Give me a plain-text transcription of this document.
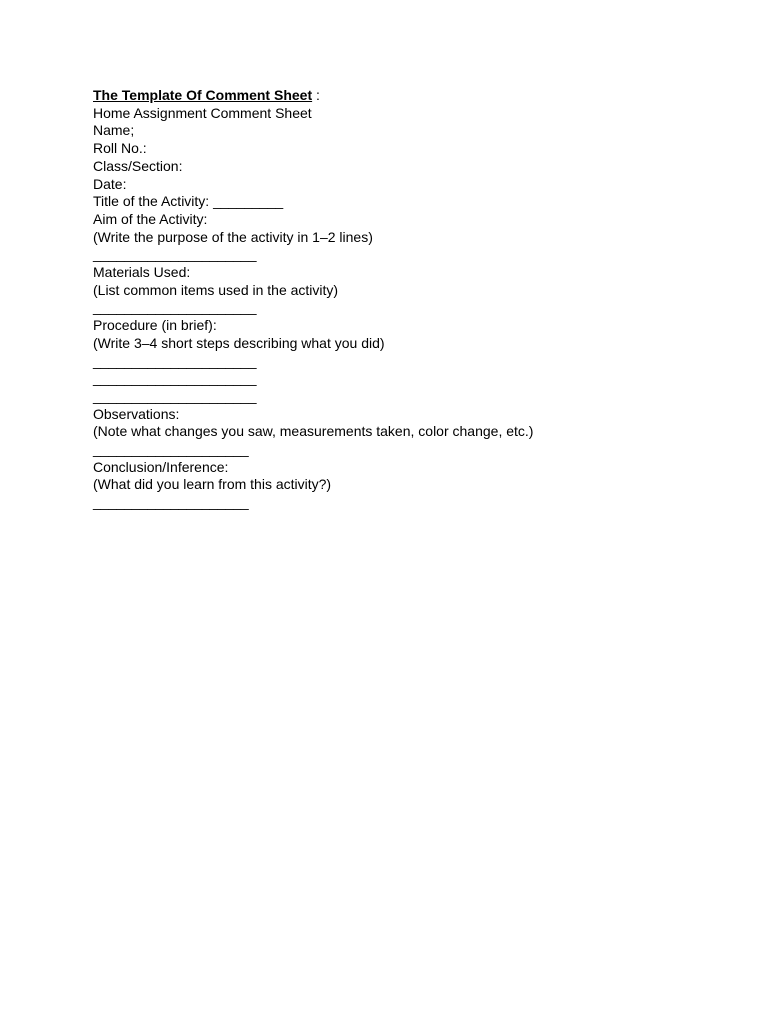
The Template Of Comment Sheet :
Home Assignment Comment Sheet
Name;
Roll No.:
Class/Section:
Date:
Title of the Activity: _________
Aim of the Activity:
(Write the purpose of the activity in 1–2 lines)
_____________________
Materials Used:
(List common items used in the activity)
_____________________
Procedure (in brief):
(Write 3–4 short steps describing what you did)
_____________________
_____________________
_____________________
Observations:
(Note what changes you saw, measurements taken, color change, etc.)
____________________
Conclusion/Inference:
(What did you learn from this activity?)
____________________
